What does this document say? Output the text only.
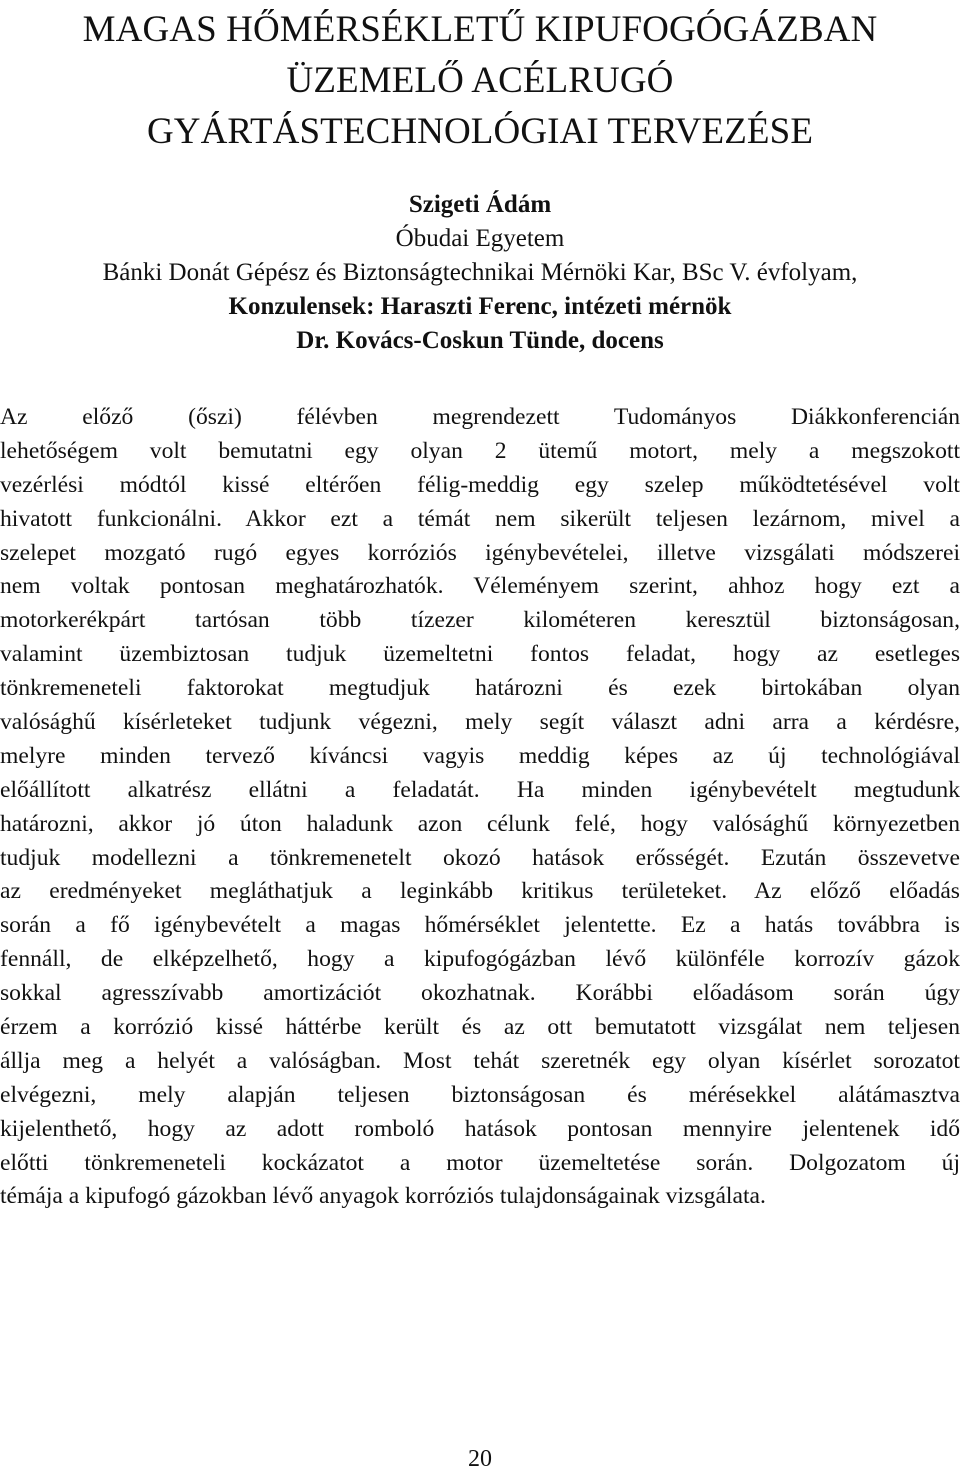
MAGAS HŐMÉRSÉKLETŰ KIPUFOGÓGÁZBAN
ÜZEMELŐ ACÉLRUGÓ
GYÁRTÁSTECHNOLÓGIAI TERVEZÉSE
Szigeti Ádám
Óbudai Egyetem
Bánki Donát Gépész és Biztonságtechnikai Mérnöki Kar, BSc V. évfolyam,
Konzulensek: Haraszti Ferenc, intézeti mérnök
Dr. Kovács-Coskun Tünde, docens
Az előző (őszi) félévben megrendezett Tudományos Diákkonferencián
lehetőségem volt bemutatni egy olyan 2 ütemű motort, mely a megszokott
vezérlési módtól kissé eltérően félig-meddig egy szelep működtetésével volt
hivatott funkcionálni. Akkor ezt a témát nem sikerült teljesen lezárnom, mivel a
szelepet mozgató rugó egyes korróziós igénybevételei, illetve vizsgálati módszerei
nem voltak pontosan meghatározhatók. Véleményem szerint, ahhoz hogy ezt a
motorkerékpárt tartósan több tízezer kilométeren keresztül biztonságosan,
valamint üzembiztosan tudjuk üzemeltetni fontos feladat, hogy az esetleges
tönkremeneteli faktorokat megtudjuk határozni és ezek birtokában olyan
valósághű kísérleteket tudjunk végezni, mely segít választ adni arra a kérdésre,
melyre minden tervező kíváncsi vagyis meddig képes az új technológiával
előállított alkatrész ellátni a feladatát. Ha minden igénybevételt megtudunk
határozni, akkor jó úton haladunk azon célunk felé, hogy valósághű környezetben
tudjuk modellezni a tönkremenetelt okozó hatások erősségét. Ezután összevetve
az eredményeket megláthatjuk a leginkább kritikus területeket. Az előző előadás
során a fő igénybevételt a magas hőmérséklet jelentette. Ez a hatás továbbra is
fennáll, de elképzelhető, hogy a kipufogógázban lévő különféle korrozív gázok
sokkal agresszívabb amortizációt okozhatnak. Korábbi előadásom során úgy
érzem a korrózió kissé háttérbe került és az ott bemutatott vizsgálat nem teljesen
állja meg a helyét a valóságban. Most tehát szeretnék egy olyan kísérlet sorozatot
elvégezni, mely alapján teljesen biztonságosan és mérésekkel alátámasztva
kijelenthető, hogy az adott romboló hatások pontosan mennyire jelentenek idő
előtti tönkremeneteli kockázatot a motor üzemeltetése során. Dolgozatom új
témája a kipufogó gázokban lévő anyagok korróziós tulajdonságainak vizsgálata.
20
